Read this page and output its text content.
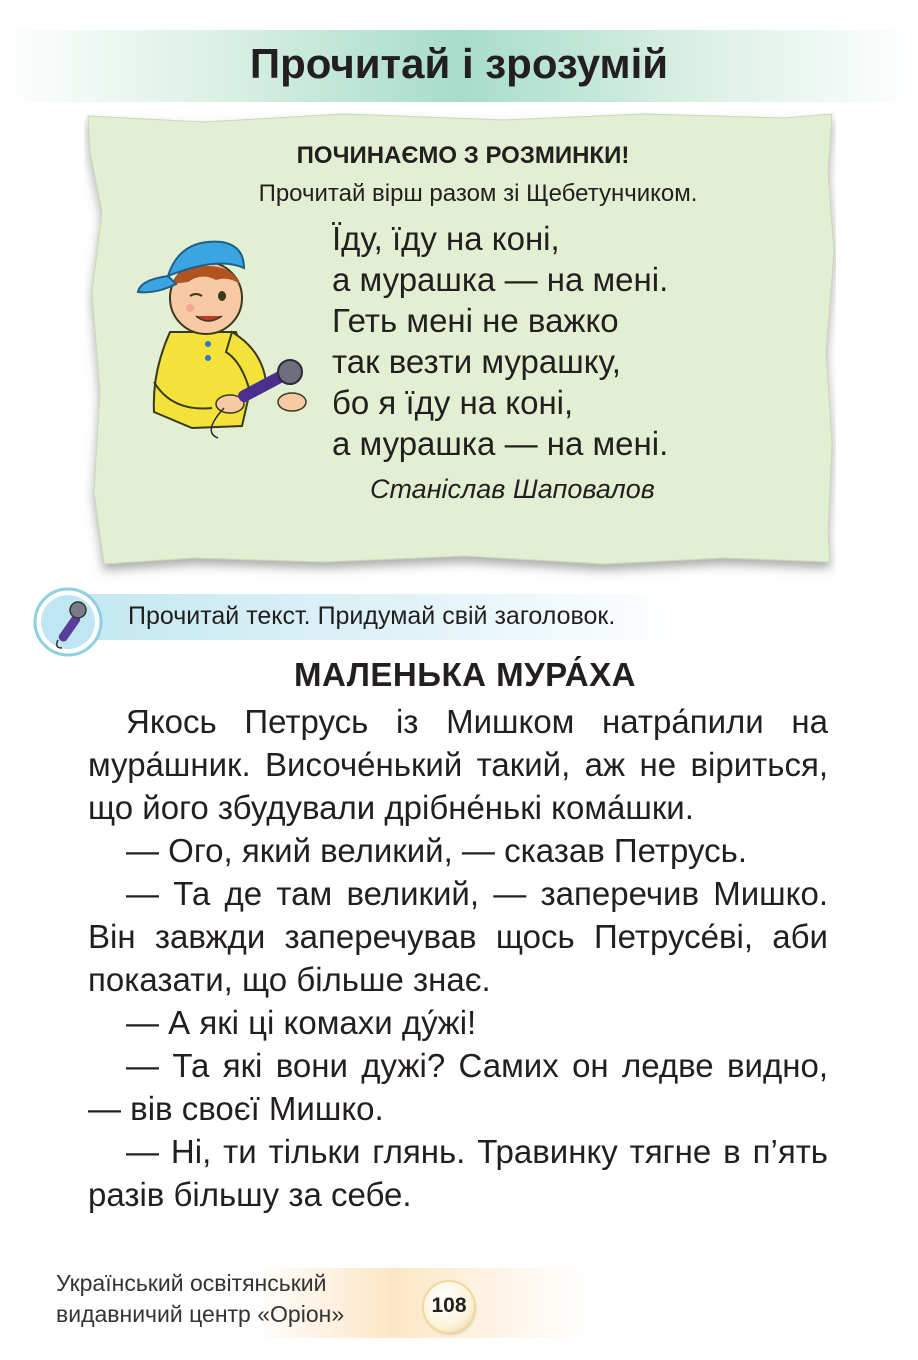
Прочитай і зрозумій
ПОЧИНАЄМО З РОЗМИНКИ!
Прочитай вірш разом зі Щебетунчиком.
Їду, їду на коні,
а мурашка — на мені.
Геть мені не важко
так везти мурашку,
бо я їду на коні,
а мурашка — на мені.
Станіслав Шаповалов
Прочитай текст. Придумай свій заголовок.
МАЛЕНЬКА МУРА́ХА

Якось Петрусь із Мишком натра́пили на мура́шник. Височе́нький такий, аж не віриться, що його збудували дрібне́нькі кома́шки.

— Ого, який великий, — сказав Петрусь.

— Та де там великий, — заперечив Мишко. Він завжди заперечував щось Петрусе́ві, аби показати, що більше знає.

— А які ці комахи ду́жі!

— Та які вони дужі? Самих он ледве видно, — вів своєї Мишко.

— Ні, ти тільки глянь. Травинку тягне в п’ять разів більшу за себе.

Український освітянський
видавничий центр «Оріон»	108
